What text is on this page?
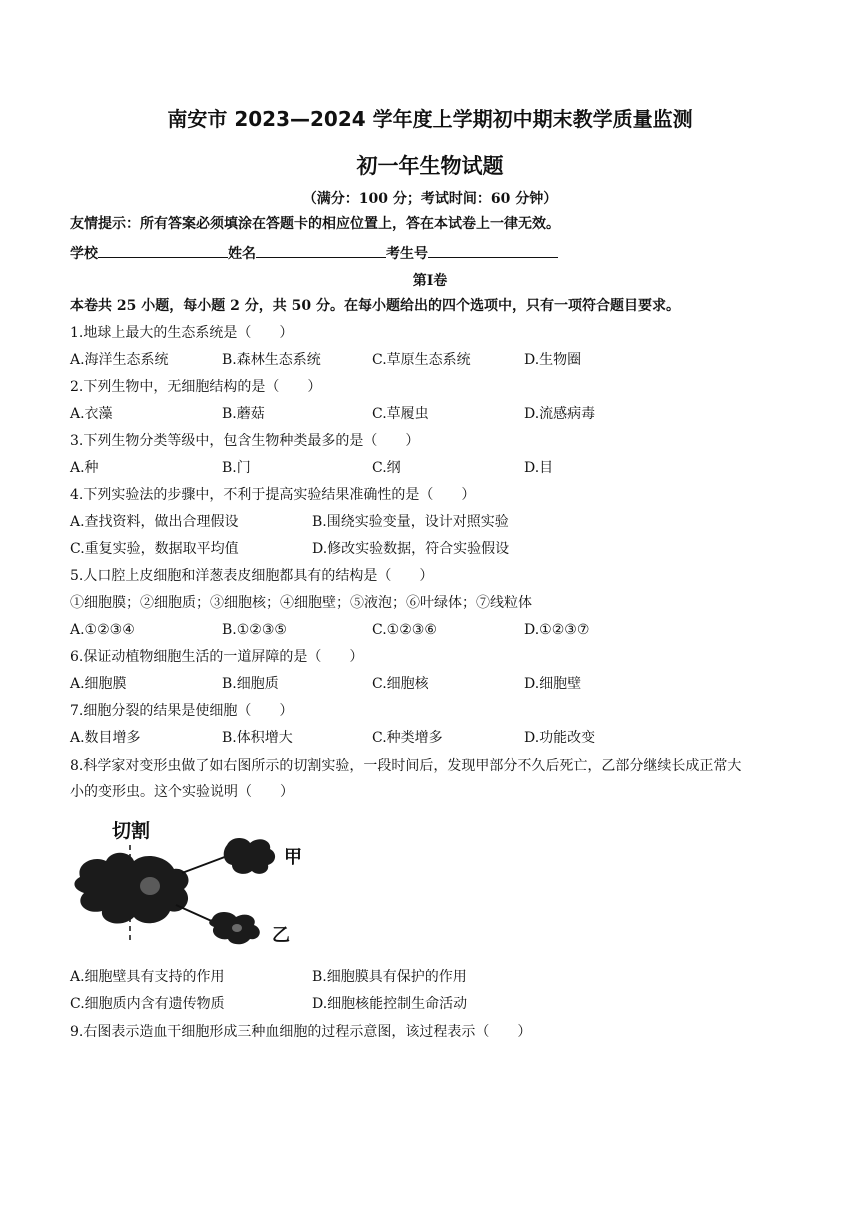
南安市 2023—2024 学年度上学期初中期末教学质量监测
初一年生物试题
（满分：100 分；考试时间：60 分钟）
友情提示：所有答案必须填涂在答题卡的相应位置上，答在本试卷上一律无效。
学校	姓名	考生号
第Ⅰ卷
本卷共 25 小题，每小题 2 分，共 50 分。在每小题给出的四个选项中，只有一项符合题目要求。
1.地球上最大的生态系统是（　　）
A.海洋生态系统	B.森林生态系统	C.草原生态系统	D.生物圈
2.下列生物中，无细胞结构的是（　　）
A.衣藻	B.蘑菇	C.草履虫	D.流感病毒
3.下列生物分类等级中，包含生物种类最多的是（　　）
A.种	B.门	C.纲	D.目
4.下列实验法的步骤中，不利于提高实验结果准确性的是（　　）
A.查找资料，做出合理假设	B.围绕实验变量，设计对照实验
C.重复实验，数据取平均值	D.修改实验数据，符合实验假设
5.人口腔上皮细胞和洋葱表皮细胞都具有的结构是（　　）
①细胞膜；②细胞质；③细胞核；④细胞壁；⑤液泡；⑥叶绿体；⑦线粒体
A.①②③④	B.①②③⑤	C.①②③⑥	D.①②③⑦
6.保证动植物细胞生活的一道屏障的是（　　）
A.细胞膜	B.细胞质	C.细胞核	D.细胞壁
7.细胞分裂的结果是使细胞（　　）
A.数目增多	B.体积增大	C.种类增多	D.功能改变
8.科学家对变形虫做了如右图所示的切割实验，一段时间后，发现甲部分不久后死亡，乙部分继续长成正常大
小的变形虫。这个实验说明（　　）
切割
甲
乙
A.细胞壁具有支持的作用	B.细胞膜具有保护的作用
C.细胞质内含有遗传物质	D.细胞核能控制生命活动
9.右图表示造血干细胞形成三种血细胞的过程示意图，该过程表示（　　）
